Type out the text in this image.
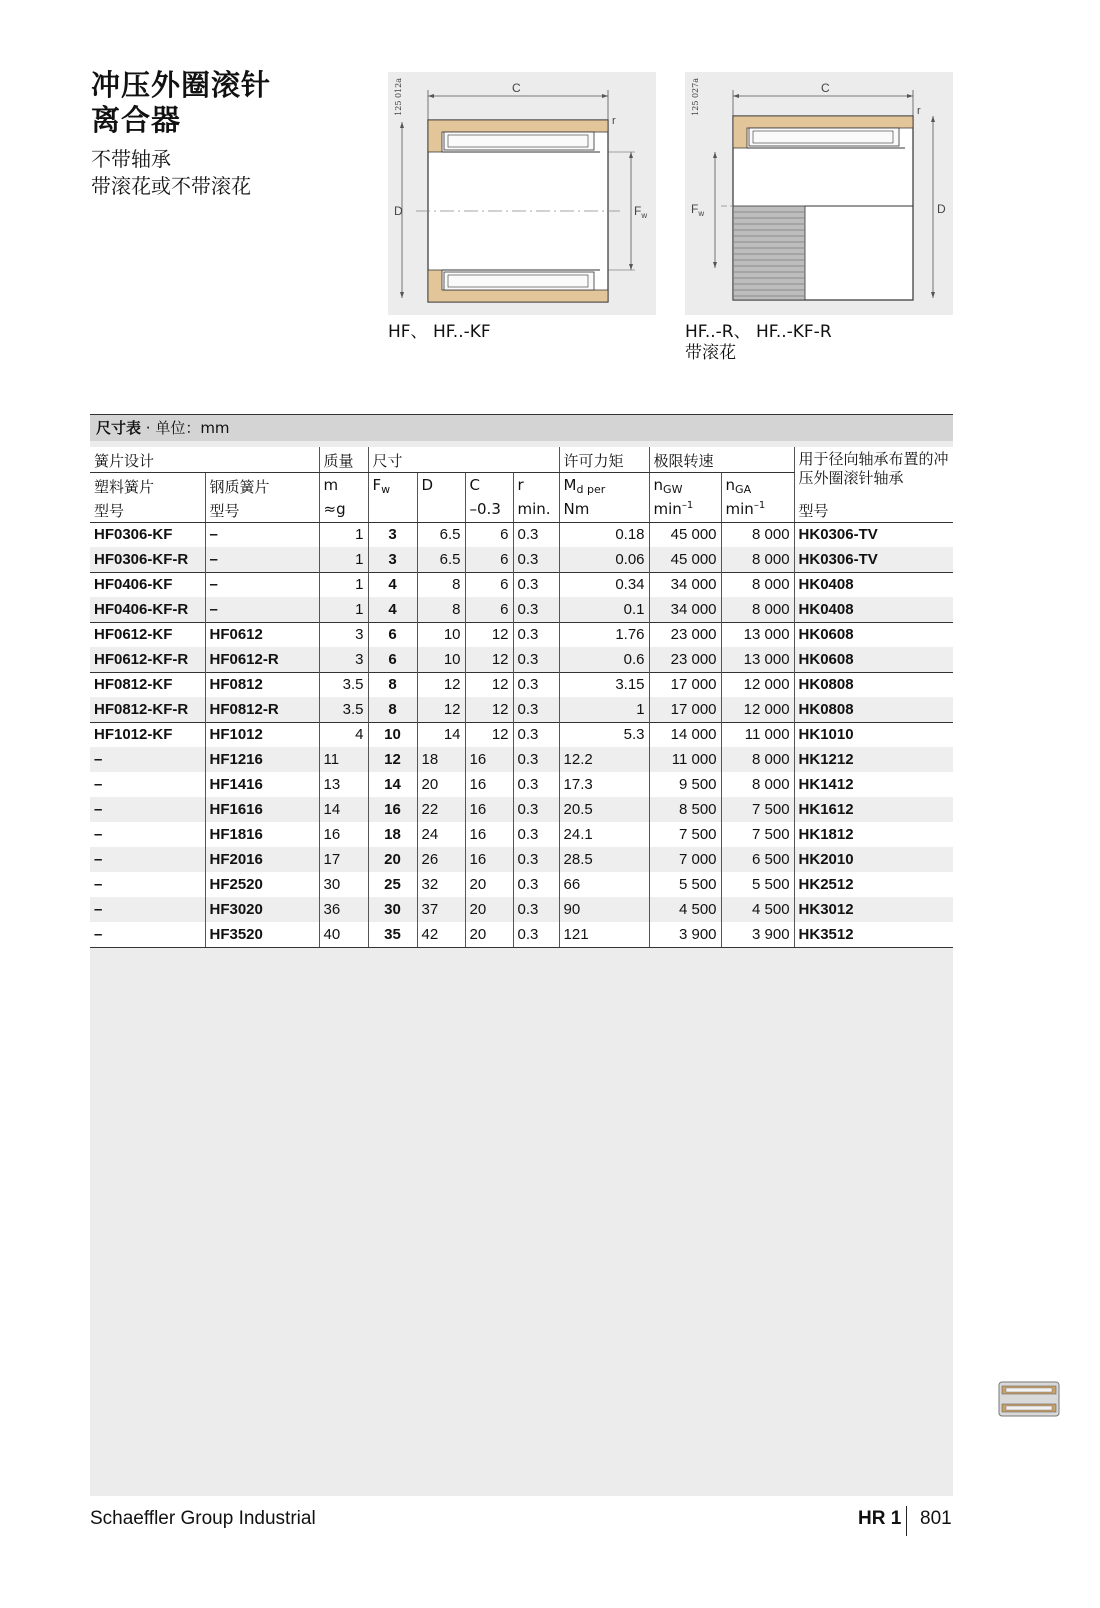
冲压外圈滚针
离合器
不带轴承
带滚花或不带滚花
C
r
D	$F_w$
125 012a
HF、 HF..-KF
C
r
D
$F_w$
125 027a
HF..-R、 HF..-KF-R
带滚花
尺寸表 · 单位：mm
簧片设计		质量	尺寸				许可力矩	极限转速		用于径向轴承布置的冲压外圈滚针轴承
塑料簧片	钢质簧片	m	$F_w$	D	C	r	$M_{d per}$	$n_{GW}$	$n_{GA}$
型号	型号	≈g			–0.3	min.	Nm	$\min^{-1}$	$\min^{-1}$	型号
HF0306-KF	–	1	3	6.5	6	0.3	0.18	45 000	8 000	HK0306-TV
HF0306-KF-R	–	1	3	6.5	6	0.3	0.06	45 000	8 000	HK0306-TV
HF0406-KF	–	1	4	8	6	0.3	0.34	34 000	8 000	HK0408
HF0406-KF-R	–	1	4	8	6	0.3	0.1	34 000	8 000	HK0408
HF0612-KF	HF0612	3	6	10	12	0.3	1.76	23 000	13 000	HK0608
HF0612-KF-R	HF0612-R	3	6	10	12	0.3	0.6	23 000	13 000	HK0608
HF0812-KF	HF0812	3.5	8	12	12	0.3	3.15	17 000	12 000	HK0808
HF0812-KF-R	HF0812-R	3.5	8	12	12	0.3	1	17 000	12 000	HK0808
HF1012-KF	HF1012	4	10	14	12	0.3	5.3	14 000	11 000	HK1010
–	HF1216	11	12	18	16	0.3	12.2	11 000	8 000	HK1212
–	HF1416	13	14	20	16	0.3	17.3	9 500	8 000	HK1412
–	HF1616	14	16	22	16	0.3	20.5	8 500	7 500	HK1612
–	HF1816	16	18	24	16	0.3	24.1	7 500	7 500	HK1812
–	HF2016	17	20	26	16	0.3	28.5	7 000	6 500	HK2010
–	HF2520	30	25	32	20	0.3	66	5 500	5 500	HK2512
–	HF3020	36	30	37	20	0.3	90	4 500	4 500	HK3012
–	HF3520	40	35	42	20	0.3	121	3 900	3 900	HK3512
Schaeffler Group Industrial	HR 1 801
